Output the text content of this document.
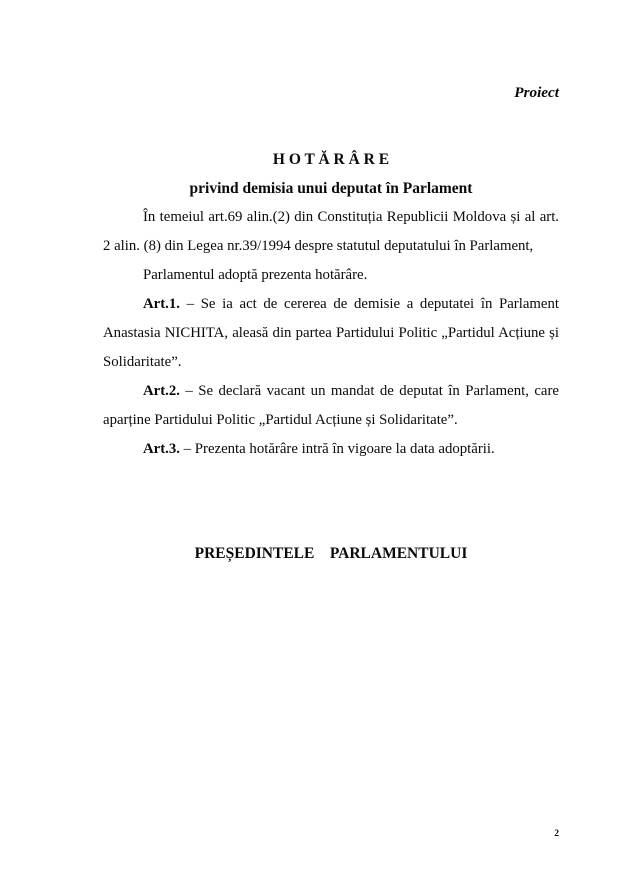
Proiect
H O T Ă R Â R E
privind demisia unui deputat în Parlament

În temeiul art.69 alin.(2) din Constituția Republicii Moldova și al art. 2 alin. (8) din Legea nr.39/1994 despre statutul deputatului în Parlament,

Parlamentul adoptă prezenta hotărâre.

Art.1. – Se ia act de cererea de demisie a deputatei în Parlament Anastasia NICHITA, aleasă din partea Partidului Politic „Partidul Acțiune și Solidaritate”.

Art.2. – Se declară vacant un mandat de deputat în Parlament, care aparține Partidului Politic „Partidul Acțiune și Solidaritate”.

Art.3. – Prezenta hotărâre intră în vigoare la data adoptării.

PREȘEDINTELE    PARLAMENTULUI
2
